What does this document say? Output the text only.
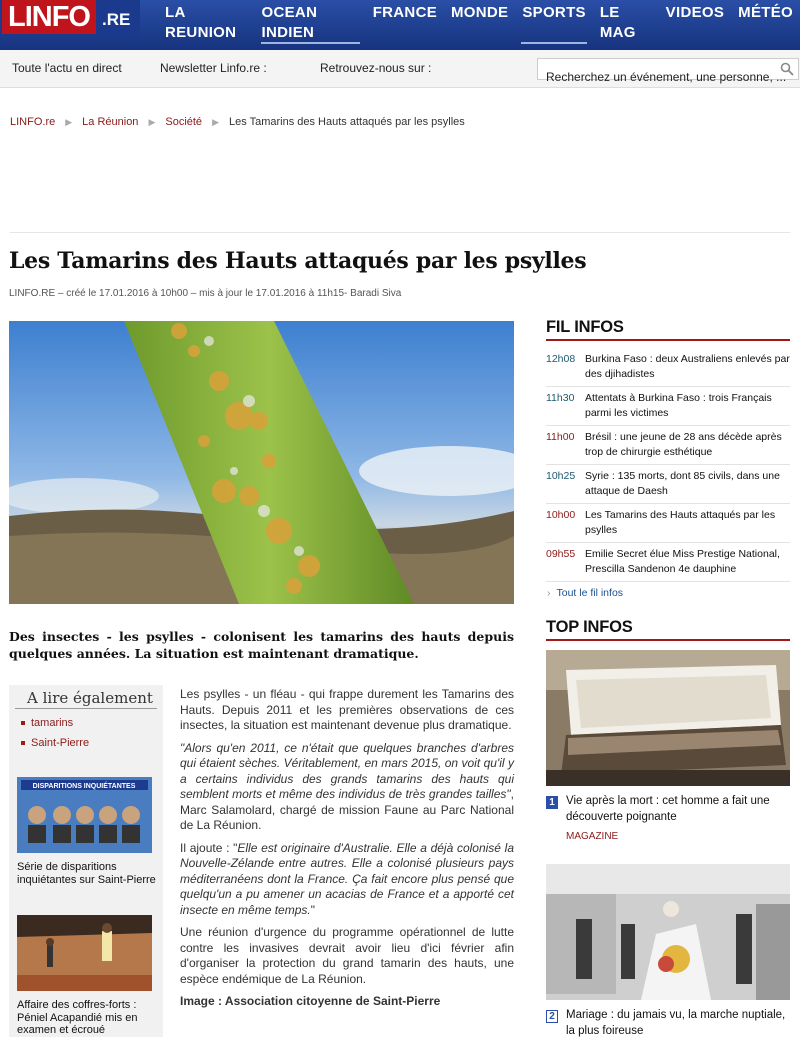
LINFO .RE	LA REUNION
OCEAN INDIEN
FRANCE MONDE SPORTS LE MAG
VIDEOS MÉTÉO
Toute l'actu en direct	Newsletter Linfo.re :	Retrouvez-nous sur :
Recherchez un événement, une personne, ...
LINFO.re ▶ La Réunion ▶ Société ▶ Les Tamarins des Hauts attaqués par les psylles
Les Tamarins des Hauts attaqués par les psylles
LINFO.RE – créé le 17.01.2016 à 10h00 – mis à jour le 17.01.2016 à 11h15- Baradi Siva
Des insectes - les psylles - colonisent les tamarins des hauts depuis quelques années. La situation est maintenant dramatique.
A lire également
tamarins
Saint-Pierre
DISPARITIONS INQUIÉTANTES
Série de disparitions inquiétantes sur Saint-Pierre
Affaire des coffres-forts : Péniel Acapandié mis en examen et écroué

Les psylles - un fléau - qui frappe durement les Tamarins des Hauts. Depuis 2011 et les premières observations de ces insectes, la situation est maintenant devenue plus dramatique.

"Alors qu'en 2011, ce n'était que quelques branches d'arbres qui étaient sèches. Véritablement, en mars 2015, on voit qu'il y a certains individus des grands tamarins des hauts qui semblent morts et même des individus de très grandes tailles", Marc Salamolard, chargé de mission Faune au Parc National de La Réunion.

Il ajoute : "Elle est originaire d'Australie. Elle a déjà colonisé la Nouvelle-Zélande entre autres. Elle a colonisé plusieurs pays méditerranéens dont la France. Ça fait encore plus pensé que quelqu'un a pu amener un acacias de France et a apporté cet insecte en même temps."

Une réunion d'urgence du programme opérationnel de lutte contre les invasives devrait avoir lieu d'ici février afin d'organiser la protection du grand tamarin des hauts, une espèce endémique de La Réunion.

Image : Association citoyenne de Saint-Pierre

FIL INFOS
12h08 Burkina Faso : deux Australiens enlevés par des djihadistes
11h30	Attentats à Burkina Faso : trois Français parmi les victimes
11h00	Brésil : une jeune de 28 ans décède après trop de chirurgie esthétique
10h25 Syrie : 135 morts, dont 85 civils, dans une attaque de Daesh
10h00 Les Tamarins des Hauts attaqués par les psylles
09h55 Emilie Secret élue Miss Prestige National, Prescilla Sandenon 4e dauphine
› Tout le fil infos
TOP INFOS
1 Vie après la mort : cet homme a fait une découverte poignante
MAGAZINE
2 Mariage : du jamais vu, la marche nuptiale, la plus foireuse
